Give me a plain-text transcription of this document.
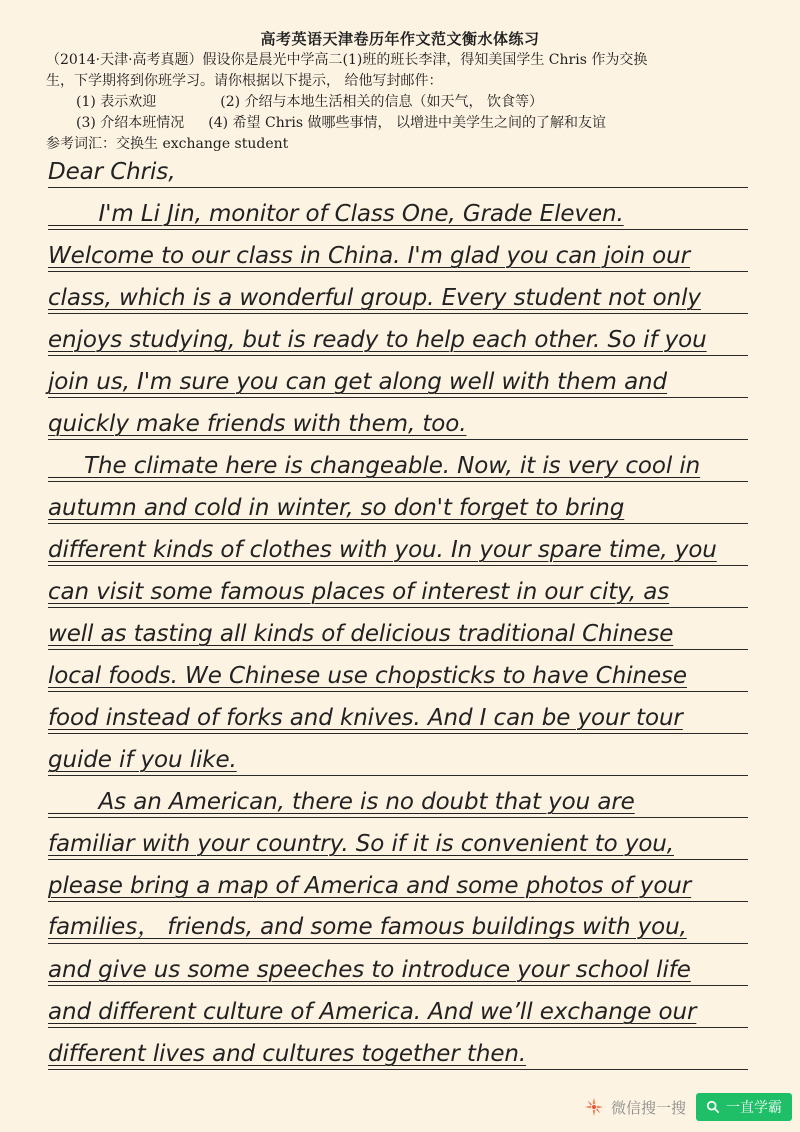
高考英语天津卷历年作文范文衡水体练习
（2014·天津·高考真题）假设你是晨光中学高二(1)班的班长李津，得知美国学生 Chris 作为交换
生，下学期将到你班学习。请你根据以下提示， 给他写封邮件：
(1) 表示欢迎	(2) 介绍与本地生活相关的信息（如天气， 饮食等）
(3) 介绍本班情况 (4) 希望 Chris 做哪些事情， 以增进中美学生之间的了解和友谊
参考词汇：交换生 exchange student
Dear Chris,
I'm Li Jin, monitor of Class One, Grade Eleven.
Welcome to our class in China. I'm glad you can join our
class, which is a wonderful group. Every student not only
enjoys studying, but is ready to help each other. So if you
join us, I'm sure you can get along well with them and
quickly make friends with them, too.
The climate here is changeable. Now, it is very cool in
autumn and cold in winter, so don't forget to bring
different kinds of clothes with you. In your spare time, you
can visit some famous places of interest in our city, as
well as tasting all kinds of delicious traditional Chinese
local foods. We Chinese use chopsticks to have Chinese
food instead of forks and knives. And I can be your tour
guide if you like.
As an American, there is no doubt that you are
familiar with your country. So if it is convenient to you,
please bring a map of America and some photos of your
families， friends, and some famous buildings with you,
and give us some speeches to introduce your school life
and different culture of America. And we’ll exchange our
different lives and cultures together then.
微信搜一搜	一直学霸
